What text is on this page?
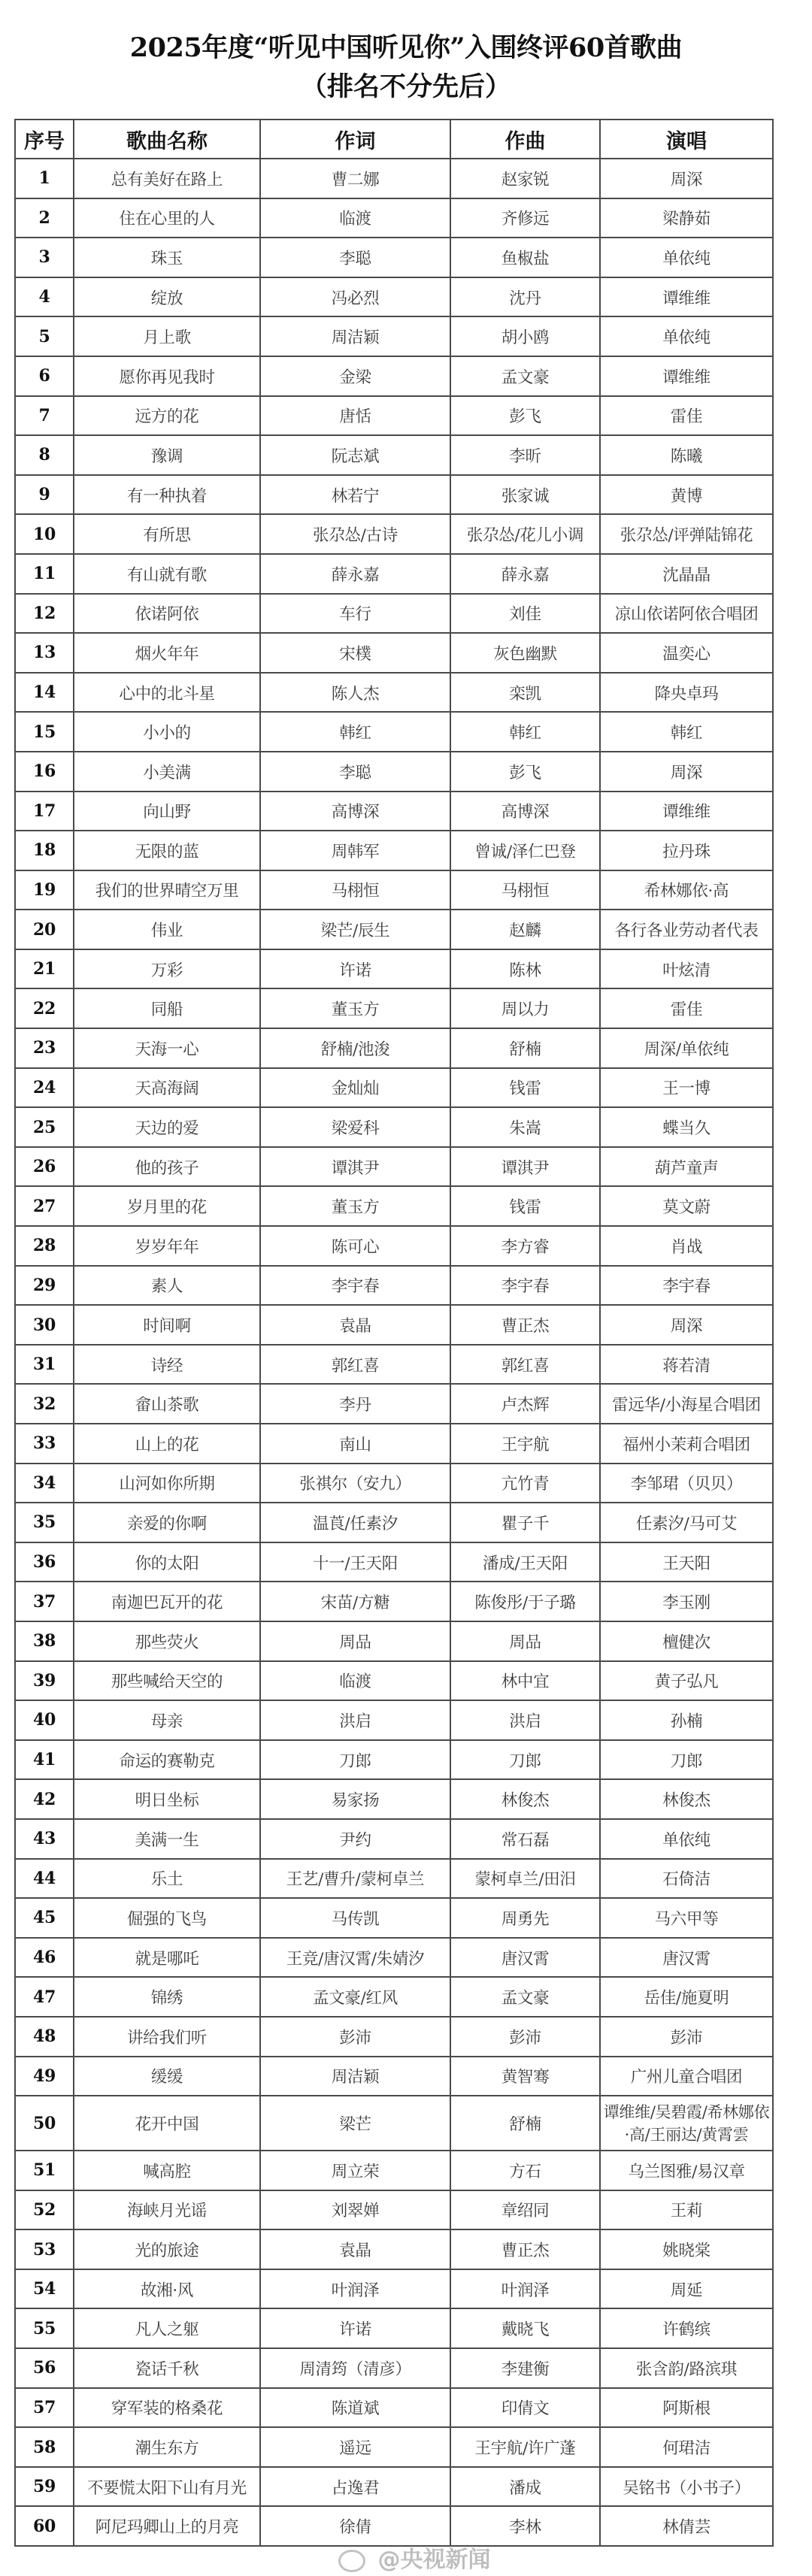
2025年度“听见中国听见你”入围终评60首歌曲
（排名不分先后）
序号	歌曲名称	作词	作曲	演唱
1	总有美好在路上	曹二娜	赵家锐	周深
2	住在心里的人	临渡	齐修远	梁静茹
3	珠玉	李聪	鱼椒盐	单依纯
4	绽放	冯必烈	沈丹	谭维维
5	月上歌	周洁颖	胡小鸥	单依纯
6	愿你再见我时	金梁	孟文豪	谭维维
7	远方的花	唐恬	彭飞	雷佳
8	豫调	阮志斌	李昕	陈曦
9	有一种执着	林若宁	张家诚	黄博
10	有所思	张尕怂/古诗	张尕怂/花儿小调	张尕怂/评弹陆锦花
11	有山就有歌	薛永嘉	薛永嘉	沈晶晶
12	依诺阿依	车行	刘佳	凉山依诺阿依合唱团
13	烟火年年	宋樸	灰色幽默	温奕心
14	心中的北斗星	陈人杰	栾凯	降央卓玛
15	小小的	韩红	韩红	韩红
16	小美满	李聪	彭飞	周深
17	向山野	高博深	高博深	谭维维
18	无限的蓝	周韩军	曾诚/泽仁巴登	拉丹珠
19	我们的世界晴空万里	马栩恒	马栩恒	希林娜依·高
20	伟业	梁芒/辰生	赵麟	各行各业劳动者代表
21	万彩	许诺	陈林	叶炫清
22	同船	董玉方	周以力	雷佳
23	天海一心	舒楠/池浚	舒楠	周深/单依纯
24	天高海阔	金灿灿	钱雷	王一博
25	天边的爱	梁爱科	朱嵩	蝶当久
26	他的孩子	谭淇尹	谭淇尹	葫芦童声
27	岁月里的花	董玉方	钱雷	莫文蔚
28	岁岁年年	陈可心	李方睿	肖战
29	素人	李宇春	李宇春	李宇春
30	时间啊	袁晶	曹正杰	周深
31	诗经	郭红喜	郭红喜	蒋若清
32	畲山茶歌	李丹	卢杰辉	雷远华/小海星合唱团
33	山上的花	南山	王宇航	福州小茉莉合唱团
34	山河如你所期	张祺尔（安九）	亢竹青	李邹珺（贝贝）
35	亲爱的你啊	温莨/任素汐	瞿子千	任素汐/马可艾
36	你的太阳	十一/王天阳	潘成/王天阳	王天阳
37	南迦巴瓦开的花	宋苗/方糖	陈俊彤/于子璐	李玉刚
38	那些荧火	周品	周品	檀健次
39	那些喊给天空的	临渡	林中宜	黄子弘凡
40	母亲	洪启	洪启	孙楠
41	命运的赛勒克	刀郎	刀郎	刀郎
42	明日坐标	易家扬	林俊杰	林俊杰
43	美满一生	尹约	常石磊	单依纯
44	乐土	王艺/曹升/蒙柯卓兰	蒙柯卓兰/田汨	石倚洁
45	倔强的飞鸟	马传凯	周勇先	马六甲等
46	就是哪吒	王竞/唐汉霄/朱婧汐	唐汉霄	唐汉霄
47	锦绣	孟文豪/红风	孟文豪	岳佳/施夏明
48	讲给我们听	彭沛	彭沛	彭沛
49	缓缓	周洁颖	黄智骞	广州儿童合唱团
50	花开中国	梁芒	舒楠	谭维维/吴碧霞/希林娜依·高/王丽达/黄霄雲
51	喊高腔	周立荣	方石	乌兰图雅/易汉章
52	海峡月光谣	刘翠婵	章绍同	王莉
53	光的旅途	袁晶	曹正杰	姚晓棠
54	故湘·风	叶润泽	叶润泽	周延
55	凡人之躯	许诺	戴晓飞	许鹤缤
56	瓷话千秋	周清筠（清彦）	李建衡	张含韵/路滨琪
57	穿军装的格桑花	陈道斌	印倩文	阿斯根
58	潮生东方	遥远	王宇航/许广蓬	何珺洁
59	不要慌太阳下山有月光	占逸君	潘成	吴铭书（小书子）
60	阿尼玛卿山上的月亮	徐倩	李林	林倩芸
@央视新闻
